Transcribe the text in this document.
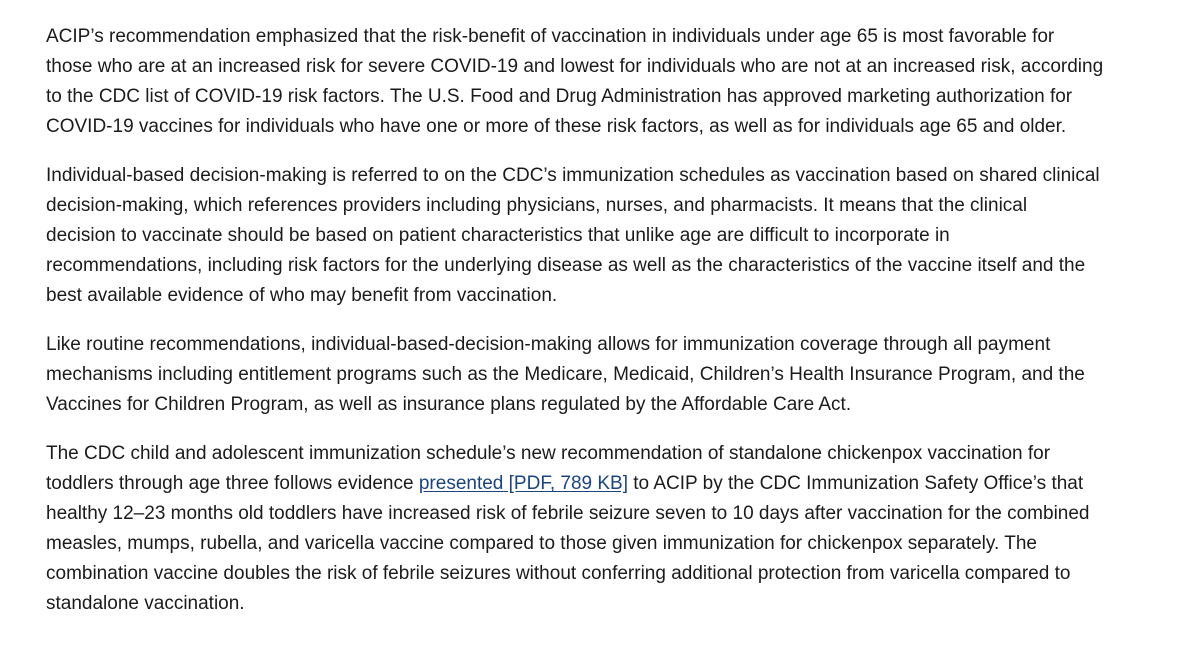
ACIP’s recommendation emphasized that the risk-benefit of vaccination in individuals under age 65 is most favorable for
those who are at an increased risk for severe COVID-19 and lowest for individuals who are not at an increased risk, according
to the CDC list of COVID-19 risk factors. The U.S. Food and Drug Administration has approved marketing authorization for
COVID-19 vaccines for individuals who have one or more of these risk factors, as well as for individuals age 65 and older.

Individual-based decision-making is referred to on the CDC’s immunization schedules as vaccination based on shared clinical
decision-making, which references providers including physicians, nurses, and pharmacists. It means that the clinical
decision to vaccinate should be based on patient characteristics that unlike age are difficult to incorporate in
recommendations, including risk factors for the underlying disease as well as the characteristics of the vaccine itself and the
best available evidence of who may benefit from vaccination.

Like routine recommendations, individual-based-decision-making allows for immunization coverage through all payment
mechanisms including entitlement programs such as the Medicare, Medicaid, Children’s Health Insurance Program, and the
Vaccines for Children Program, as well as insurance plans regulated by the Affordable Care Act.

The CDC child and adolescent immunization schedule’s new recommendation of standalone chickenpox vaccination for
toddlers through age three follows evidence presented [PDF, 789 KB] to ACIP by the CDC Immunization Safety Office’s that
healthy 12–23 months old toddlers have increased risk of febrile seizure seven to 10 days after vaccination for the combined
measles, mumps, rubella, and varicella vaccine compared to those given immunization for chickenpox separately. The
combination vaccine doubles the risk of febrile seizures without conferring additional protection from varicella compared to
standalone vaccination.
